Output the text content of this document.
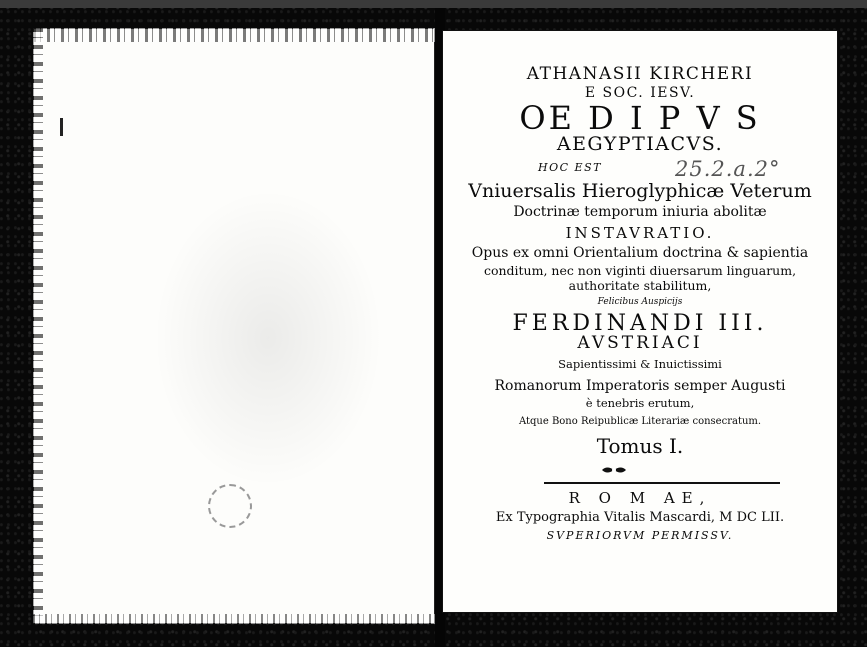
ATHANASII KIRCHERI
E SOC. IESV.
OE D I P V S
AEGYPTIACVS.
HOC EST	25.2.a.2°
Vniuersalis Hieroglyphicæ Veterum
Doctrinæ temporum iniuria abolitæ
INSTAVRATIO.
Opus ex omni Orientalium doctrina & sapientia
conditum, nec non viginti diuersarum linguarum,
authoritate stabilitum,
Felicibus Auspicijs
FERDINANDI III.
AVSTRIACI
Sapientissimi & Inuictissimi
Romanorum Imperatoris semper Augusti
è tenebris erutum,
Atque Bono Reipublicæ Literariæ consecratum.
Tomus I.
R O M AE,
Ex Typographia Vitalis Mascardi, M DC LII.
SVPERIORVM PERMISSV.
